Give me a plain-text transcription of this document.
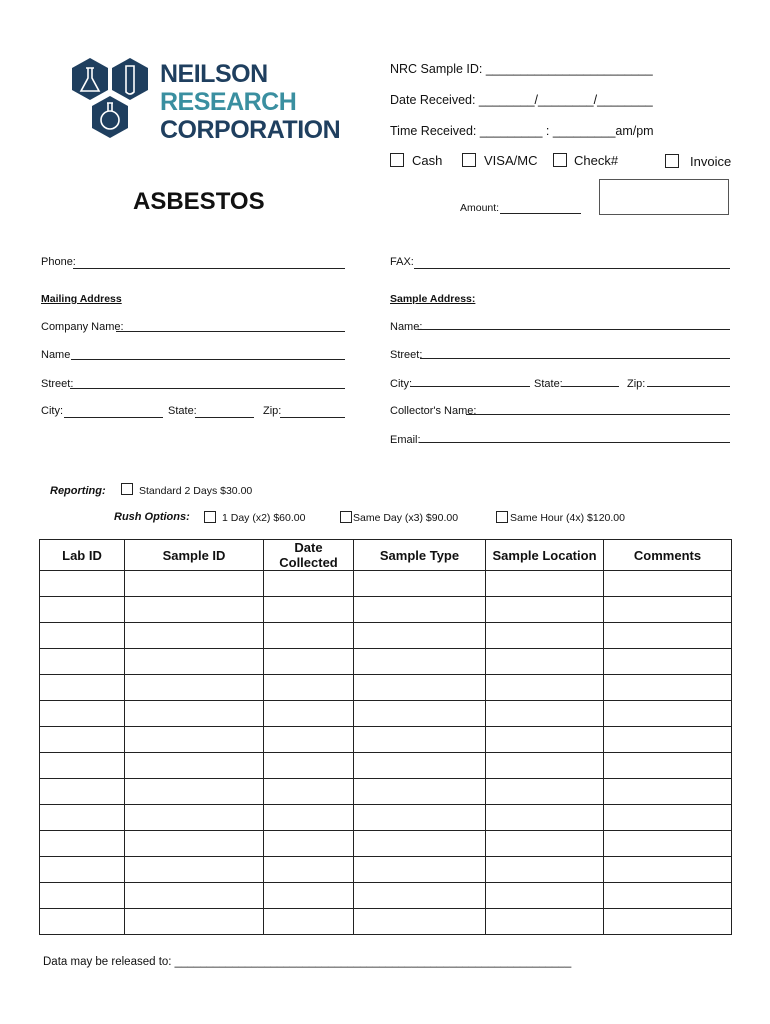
NEILSON
RESEARCH
CORPORATION
ASBESTOS
NRC Sample ID: ________________________
Date Received: ________/________/________
Time Received: _________ : _________am/pm
Cash	VISA/MC	Check#	Invoice
Amount:
Phone:	FAX:
Mailing Address
Company Name:
Name
Street:
City:	State:	Zip:
Sample Address:
Name:
Street:
City:	State:	Zip:
Collector's Name:
Email:
Reporting:	Standard 2 Days $30.00
Rush Options:	1 Day (x2) $60.00	Same Day (x3) $90.00	Same Hour (4x) $120.00
Lab ID	Sample ID	Date Collected	Sample Type	Sample Location	Comments

Data may be released to: ______________________________________________________________
